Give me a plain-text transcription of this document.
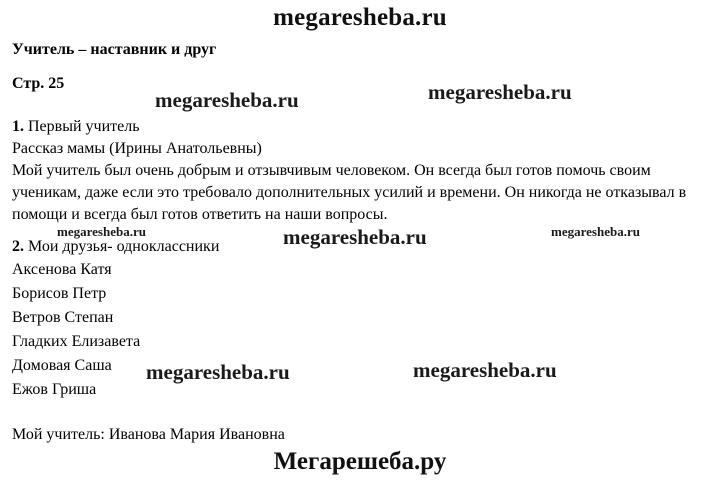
megaresheba.ru
Учитель – наставник и друг
Стр. 25
1. Первый учитель
Рассказ мамы (Ирины Анатольевны)
Мой учитель был очень добрым и отзывчивым человеком. Он всегда был готов помочь своим ученикам, даже если это требовало дополнительных усилий и времени. Он никогда не отказывал в помощи и всегда был готов ответить на наши вопросы.
2. Мои друзья- одноклассники
Аксенова Катя
Борисов Петр
Ветров Степан
Гладких Елизавета
Домовая Саша
Ежов Гриша
Мой учитель: Иванова Мария Ивановна
megaresheba.ru	megaresheba.ru
megaresheba.ru	megaresheba.ru	megaresheba.ru
megaresheba.ru	megaresheba.ru
Мегарешеба.ру
